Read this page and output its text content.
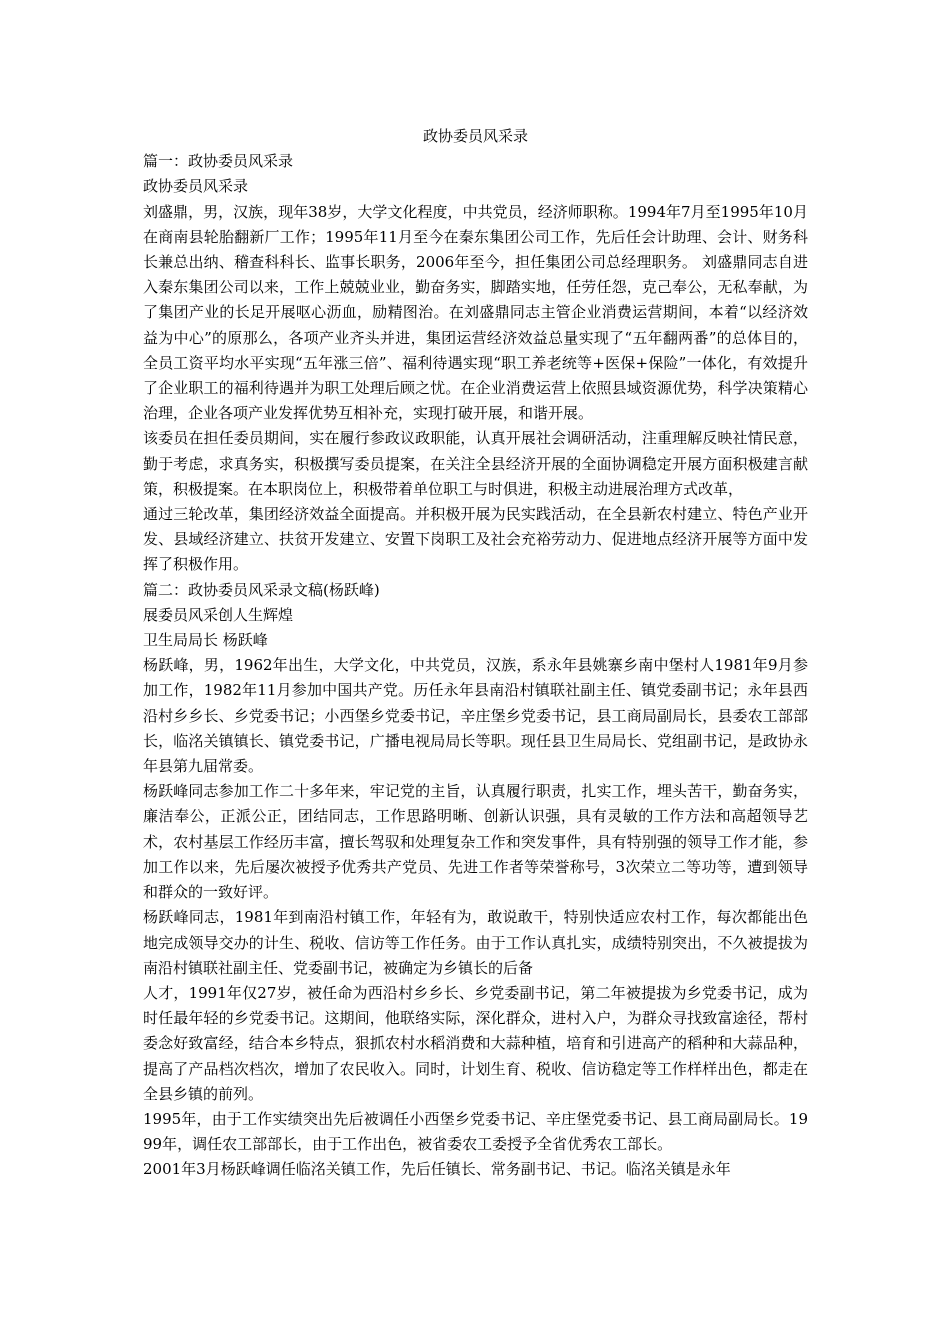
政协委员风采录

篇一：政协委员风采录

政协委员风采录

刘盛鼎，男，汉族，现年38岁，大学文化程度，中共党员，经济师职称。1994年7月至1995年10月在商南县轮胎翻新厂工作；1995年11月至今在秦东集团公司工作，先后任会计助理、会计、财务科长兼总出纳、稽查科科长、监事长职务，2006年至今，担任集团公司总经理职务。 刘盛鼎同志自进入秦东集团公司以来，工作上兢兢业业，勤奋务实，脚踏实地，任劳任怨，克己奉公，无私奉献，为了集团产业的长足开展呕心沥血，励精图治。在刘盛鼎同志主管企业消费运营期间，本着“以经济效益为中心”的原那么，各项产业齐头并进，集团运营经济效益总量实现了“五年翻两番”的总体目的，全员工资平均水平实现“五年涨三倍”、福利待遇实现“职工养老统等+医保+保险”一体化，有效提升了企业职工的福利待遇并为职工处理后顾之忧。在企业消费运营上依照县域资源优势，科学决策精心治理，企业各项产业发挥优势互相补充，实现打破开展，和谐开展。

该委员在担任委员期间，实在履行参政议政职能，认真开展社会调研活动，注重理解反映社情民意，勤于考虑，求真务实，积极撰写委员提案，在关注全县经济开展的全面协调稳定开展方面积极建言献策，积极提案。在本职岗位上，积极带着单位职工与时俱进，积极主动进展治理方式改革，

通过三轮改革，集团经济效益全面提高。并积极开展为民实践活动，在全县新农村建立、特色产业开发、县域经济建立、扶贫开发建立、安置下岗职工及社会充裕劳动力、促进地点经济开展等方面中发挥了积极作用。

篇二：政协委员风采录文稿(杨跃峰)

展委员风采创人生辉煌

卫生局局长 杨跃峰

杨跃峰，男，1962年出生，大学文化，中共党员，汉族，系永年县姚寨乡南中堡村人1981年9月参加工作，1982年11月参加中国共产党。历任永年县南沿村镇联社副主任、镇党委副书记；永年县西沿村乡乡长、乡党委书记；小西堡乡党委书记，辛庄堡乡党委书记，县工商局副局长，县委农工部部长，临洺关镇镇长、镇党委书记，广播电视局局长等职。现任县卫生局局长、党组副书记，是政协永年县第九届常委。

杨跃峰同志参加工作二十多年来，牢记党的主旨，认真履行职责，扎实工作，埋头苦干，勤奋务实，廉洁奉公，正派公正，团结同志，工作思路明晰、创新认识强，具有灵敏的工作方法和高超领导艺术，农村基层工作经历丰富，擅长驾驭和处理复杂工作和突发事件，具有特别强的领导工作才能，参加工作以来，先后屡次被授予优秀共产党员、先进工作者等荣誉称号，3次荣立二等功等，遭到领导和群众的一致好评。

杨跃峰同志，1981年到南沿村镇工作，年轻有为，敢说敢干，特别快适应农村工作，每次都能出色地完成领导交办的计生、税收、信访等工作任务。由于工作认真扎实，成绩特别突出，不久被提拔为南沿村镇联社副主任、党委副书记，被确定为乡镇长的后备

人才，1991年仅27岁，被任命为西沿村乡乡长、乡党委副书记，第二年被提拔为乡党委书记，成为时任最年轻的乡党委书记。这期间，他联络实际，深化群众，进村入户，为群众寻找致富途径，帮村委念好致富经，结合本乡特点，狠抓农村水稻消费和大蒜种植，培育和引进高产的稻种和大蒜品种，提高了产品档次档次，增加了农民收入。同时，计划生育、税收、信访稳定等工作样样出色，都走在全县乡镇的前列。

1995年，由于工作实绩突出先后被调任小西堡乡党委书记、辛庄堡党委书记、县工商局副局长。1999年，调任农工部部长，由于工作出色，被省委农工委授予全省优秀农工部长。

2001年3月杨跃峰调任临洺关镇工作，先后任镇长、常务副书记、书记。临洺关镇是永年
